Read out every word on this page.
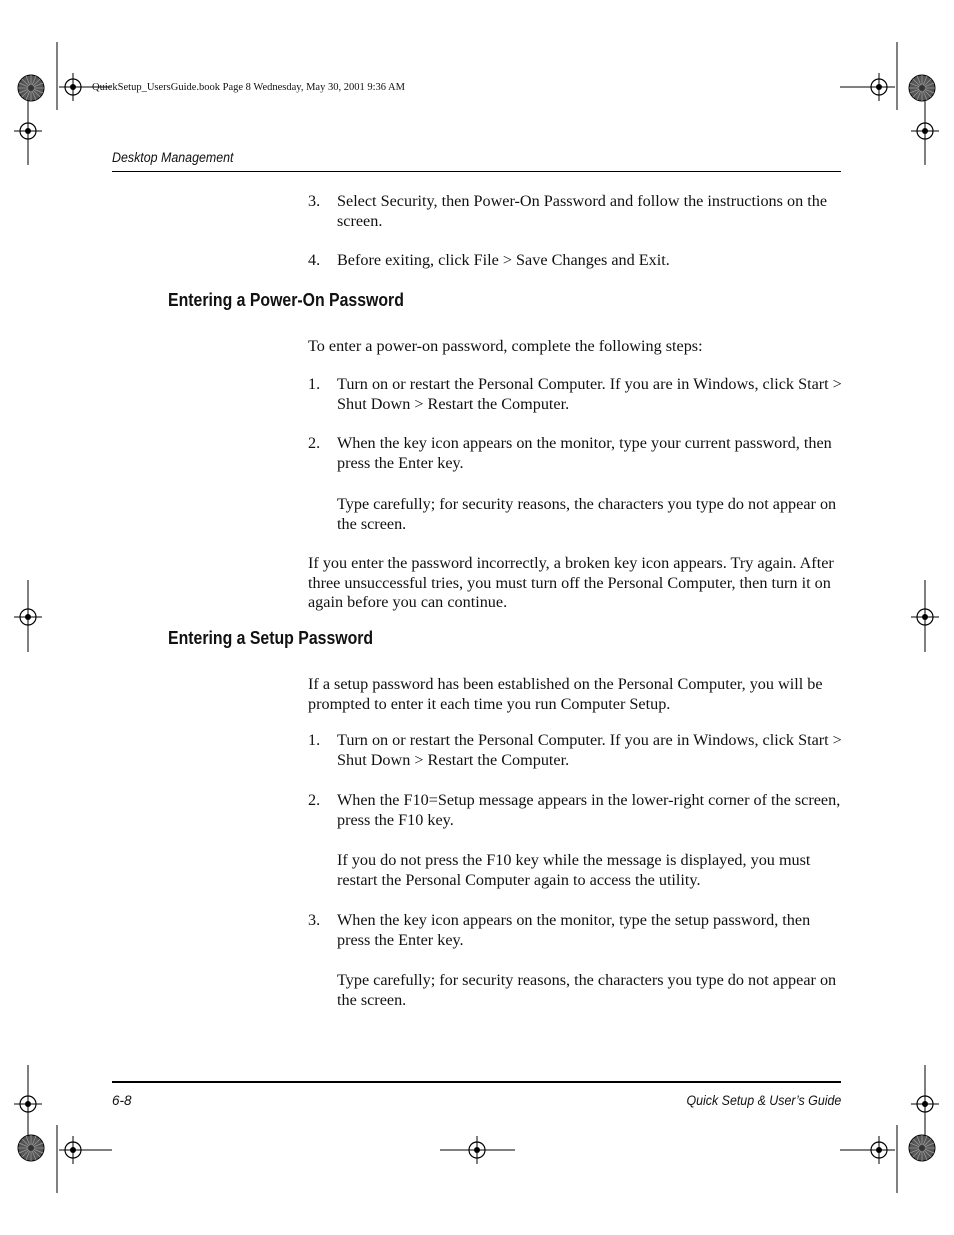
QuickSetup_UsersGuide.book Page 8 Wednesday, May 30, 2001 9:36 AM
Desktop Management
3. Select Security, then Power-On Password and follow the instructions on the screen.
4. Before exiting, click File > Save Changes and Exit.
Entering a Power-On Password
To enter a power-on password, complete the following steps:
1. Turn on or restart the Personal Computer. If you are in Windows, click Start > Shut Down > Restart the Computer.
2. When the key icon appears on the monitor, type your current password, then press the Enter key.
Type carefully; for security reasons, the characters you type do not appear on the screen.
If you enter the password incorrectly, a broken key icon appears. Try again. After three unsuccessful tries, you must turn off the Personal Computer, then turn it on again before you can continue.
Entering a Setup Password
If a setup password has been established on the Personal Computer, you will be prompted to enter it each time you run Computer Setup.
1. Turn on or restart the Personal Computer. If you are in Windows, click Start > Shut Down > Restart the Computer.
2. When the F10=Setup message appears in the lower-right corner of the screen, press the F10 key.
If you do not press the F10 key while the message is displayed, you must restart the Personal Computer again to access the utility.
3. When the key icon appears on the monitor, type the setup password, then press the Enter key.
Type carefully; for security reasons, the characters you type do not appear on the screen.
6-8	Quick Setup & User’s Guide
